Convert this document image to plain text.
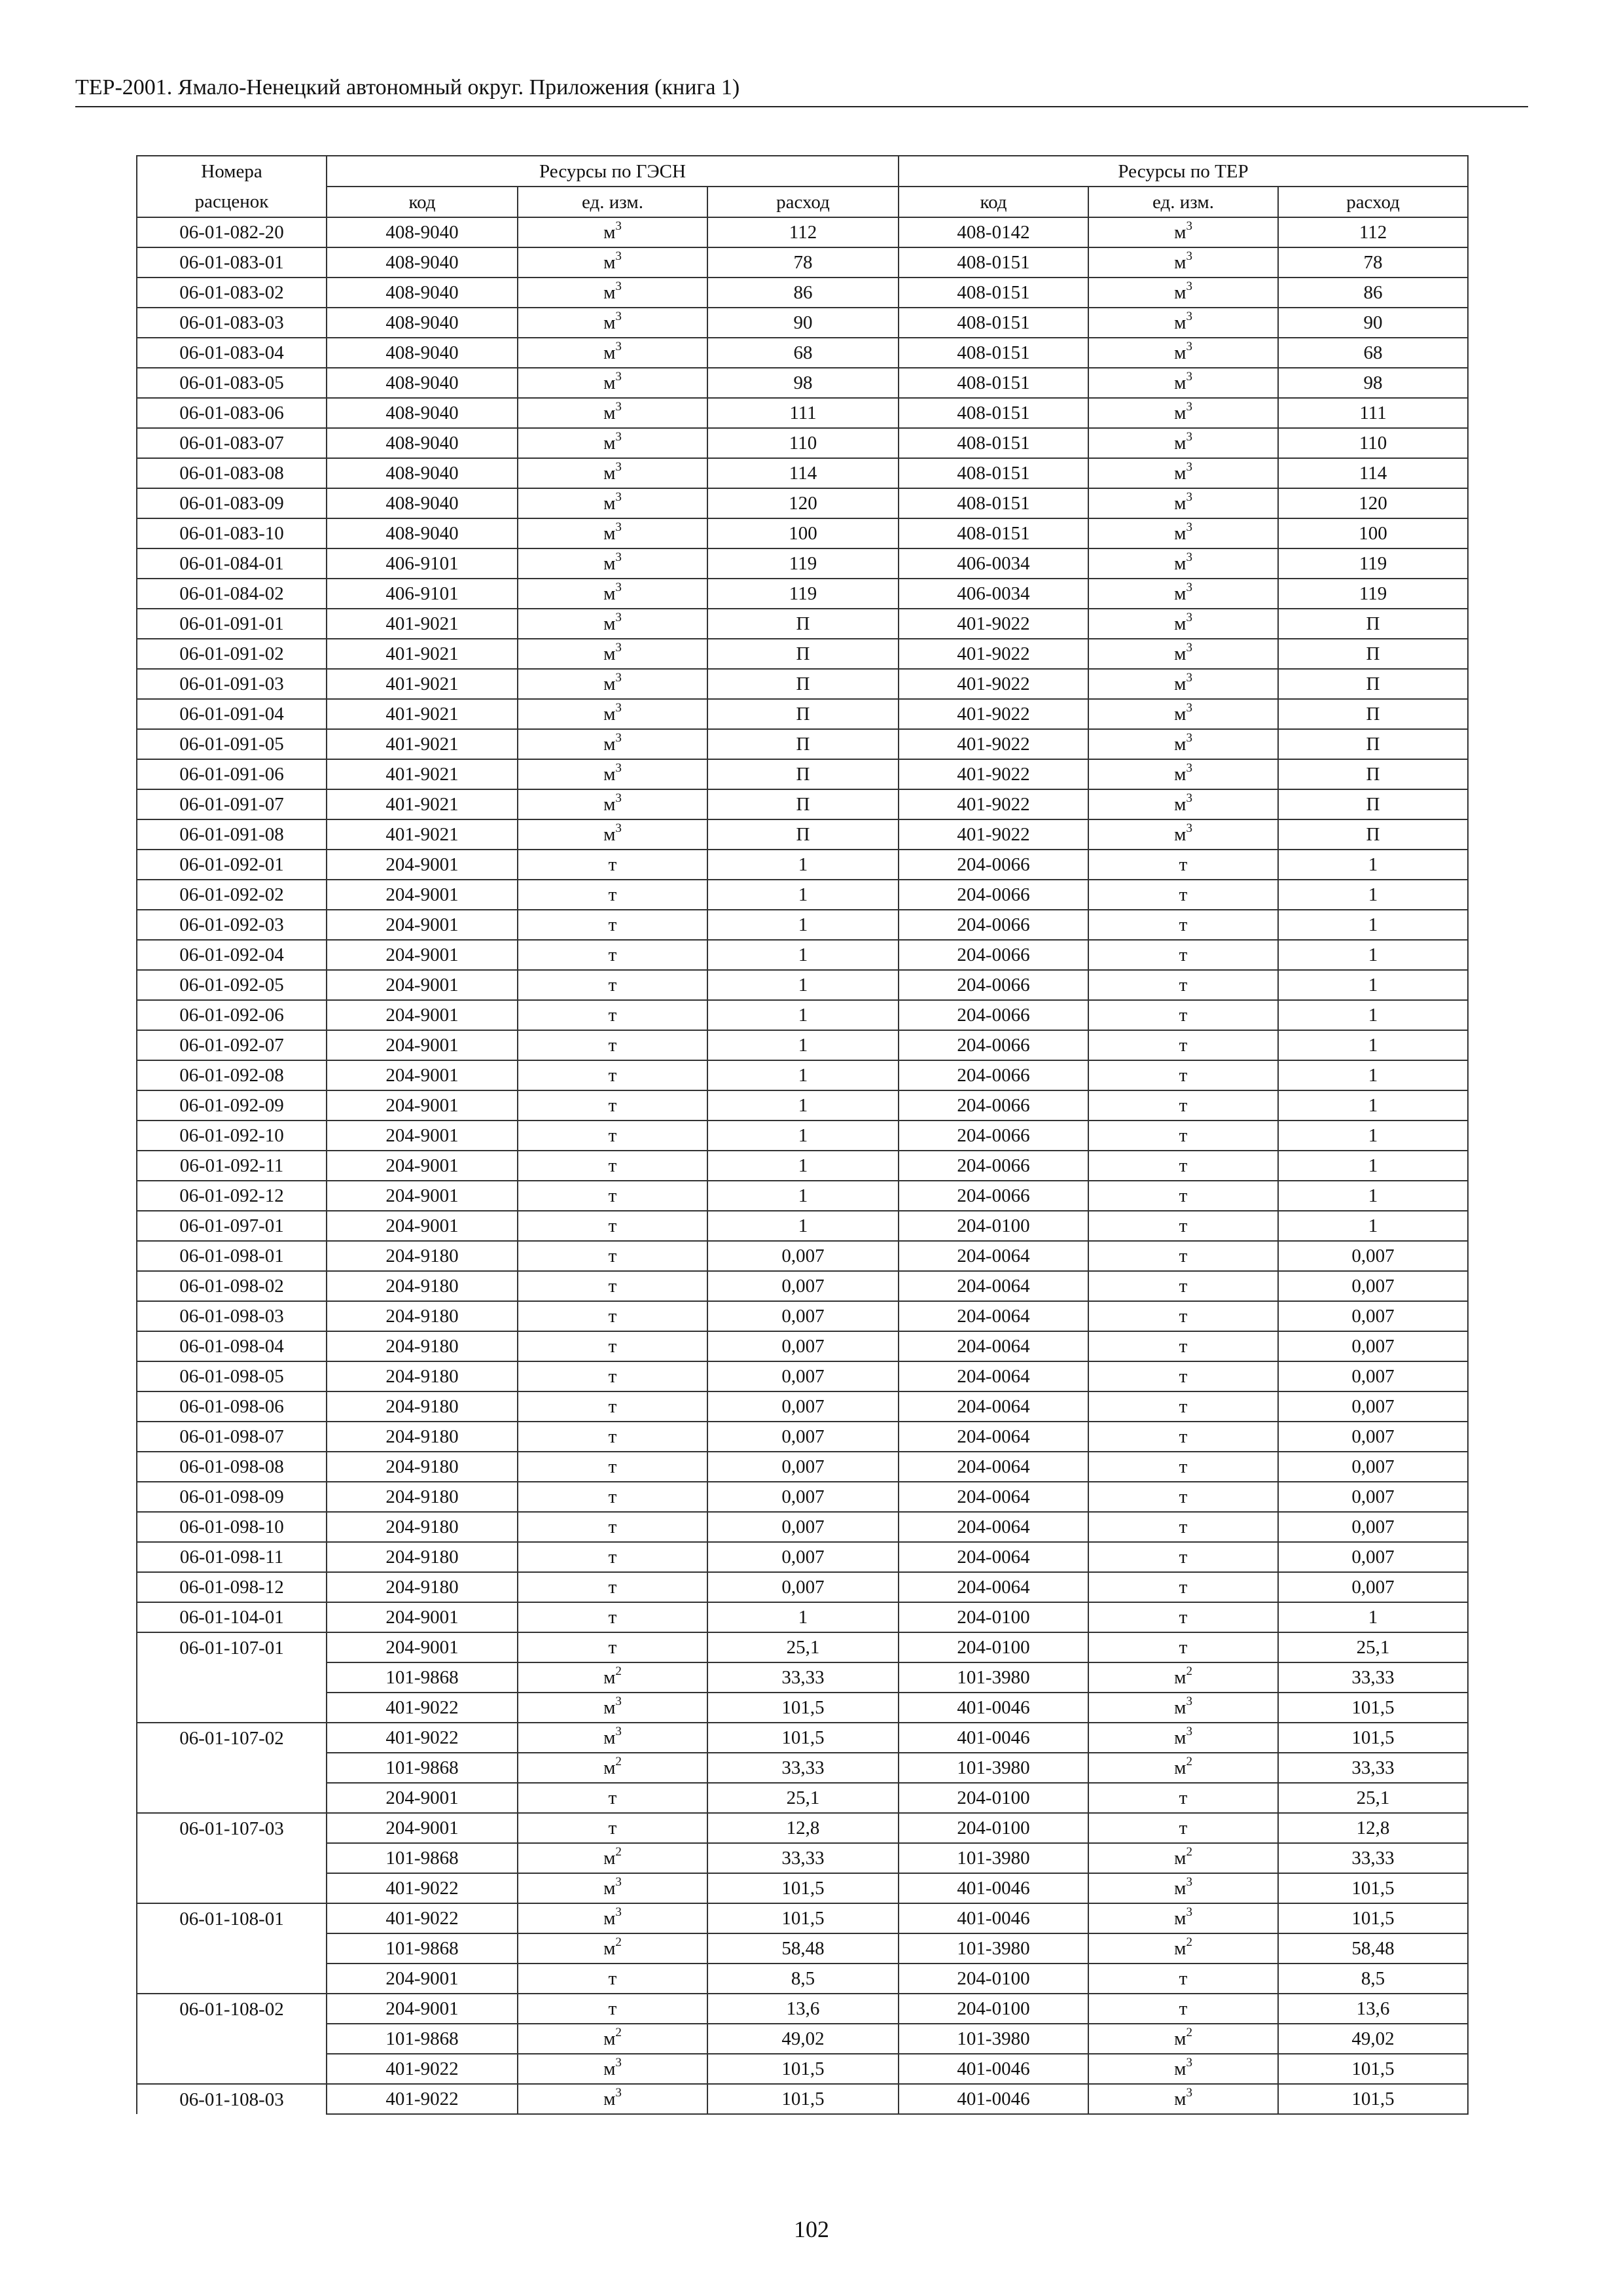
ТЕР-2001. Ямало-Ненецкий автономный округ. Приложения (книга 1)
Номера	Ресурсы по ГЭСН			Ресурсы по ТЕР		
расценок	код	ед. изм.	расход	код	ед. изм.	расход
06-01-082-20	408-9040	$м^3$	112	408-0142	$м^3$	112
06-01-083-01	408-9040	$м^3$	78	408-0151	$м^3$	78
06-01-083-02	408-9040	$м^3$	86	408-0151	$м^3$	86
06-01-083-03	408-9040	$м^3$	90	408-0151	$м^3$	90
06-01-083-04	408-9040	$м^3$	68	408-0151	$м^3$	68
06-01-083-05	408-9040	$м^3$	98	408-0151	$м^3$	98
06-01-083-06	408-9040	$м^3$	111	408-0151	$м^3$	111
06-01-083-07	408-9040	$м^3$	110	408-0151	$м^3$	110
06-01-083-08	408-9040	$м^3$	114	408-0151	$м^3$	114
06-01-083-09	408-9040	$м^3$	120	408-0151	$м^3$	120
06-01-083-10	408-9040	$м^3$	100	408-0151	$м^3$	100
06-01-084-01	406-9101	$м^3$	119	406-0034	$м^3$	119
06-01-084-02	406-9101	$м^3$	119	406-0034	$м^3$	119
06-01-091-01	401-9021	$м^3$	П	401-9022	$м^3$	П
06-01-091-02	401-9021	$м^3$	П	401-9022	$м^3$	П
06-01-091-03	401-9021	$м^3$	П	401-9022	$м^3$	П
06-01-091-04	401-9021	$м^3$	П	401-9022	$м^3$	П
06-01-091-05	401-9021	$м^3$	П	401-9022	$м^3$	П
06-01-091-06	401-9021	$м^3$	П	401-9022	$м^3$	П
06-01-091-07	401-9021	$м^3$	П	401-9022	$м^3$	П
06-01-091-08	401-9021	$м^3$	П	401-9022	$м^3$	П
06-01-092-01	204-9001	т	1	204-0066	т	1
06-01-092-02	204-9001	т	1	204-0066	т	1
06-01-092-03	204-9001	т	1	204-0066	т	1
06-01-092-04	204-9001	т	1	204-0066	т	1
06-01-092-05	204-9001	т	1	204-0066	т	1
06-01-092-06	204-9001	т	1	204-0066	т	1
06-01-092-07	204-9001	т	1	204-0066	т	1
06-01-092-08	204-9001	т	1	204-0066	т	1
06-01-092-09	204-9001	т	1	204-0066	т	1
06-01-092-10	204-9001	т	1	204-0066	т	1
06-01-092-11	204-9001	т	1	204-0066	т	1
06-01-092-12	204-9001	т	1	204-0066	т	1
06-01-097-01	204-9001	т	1	204-0100	т	1
06-01-098-01	204-9180	т	0,007	204-0064	т	0,007
06-01-098-02	204-9180	т	0,007	204-0064	т	0,007
06-01-098-03	204-9180	т	0,007	204-0064	т	0,007
06-01-098-04	204-9180	т	0,007	204-0064	т	0,007
06-01-098-05	204-9180	т	0,007	204-0064	т	0,007
06-01-098-06	204-9180	т	0,007	204-0064	т	0,007
06-01-098-07	204-9180	т	0,007	204-0064	т	0,007
06-01-098-08	204-9180	т	0,007	204-0064	т	0,007
06-01-098-09	204-9180	т	0,007	204-0064	т	0,007
06-01-098-10	204-9180	т	0,007	204-0064	т	0,007
06-01-098-11	204-9180	т	0,007	204-0064	т	0,007
06-01-098-12	204-9180	т	0,007	204-0064	т	0,007
06-01-104-01	204-9001	т	1	204-0100	т	1
06-01-107-01	204-9001	т	25,1	204-0100	т	25,1
	101-9868	$м^2$	33,33	101-3980	$м^2$	33,33
	401-9022	$м^3$	101,5	401-0046	$м^3$	101,5
06-01-107-02	401-9022	$м^3$	101,5	401-0046	$м^3$	101,5
	101-9868	$м^2$	33,33	101-3980	$м^2$	33,33
	204-9001	т	25,1	204-0100	т	25,1
06-01-107-03	204-9001	т	12,8	204-0100	т	12,8
	101-9868	$м^2$	33,33	101-3980	$м^2$	33,33
	401-9022	$м^3$	101,5	401-0046	$м^3$	101,5
06-01-108-01	401-9022	$м^3$	101,5	401-0046	$м^3$	101,5
	101-9868	$м^2$	58,48	101-3980	$м^2$	58,48
	204-9001	т	8,5	204-0100	т	8,5
06-01-108-02	204-9001	т	13,6	204-0100	т	13,6
	101-9868	$м^2$	49,02	101-3980	$м^2$	49,02
	401-9022	$м^3$	101,5	401-0046	$м^3$	101,5
06-01-108-03	401-9022	$м^3$	101,5	401-0046	$м^3$	101,5
102
